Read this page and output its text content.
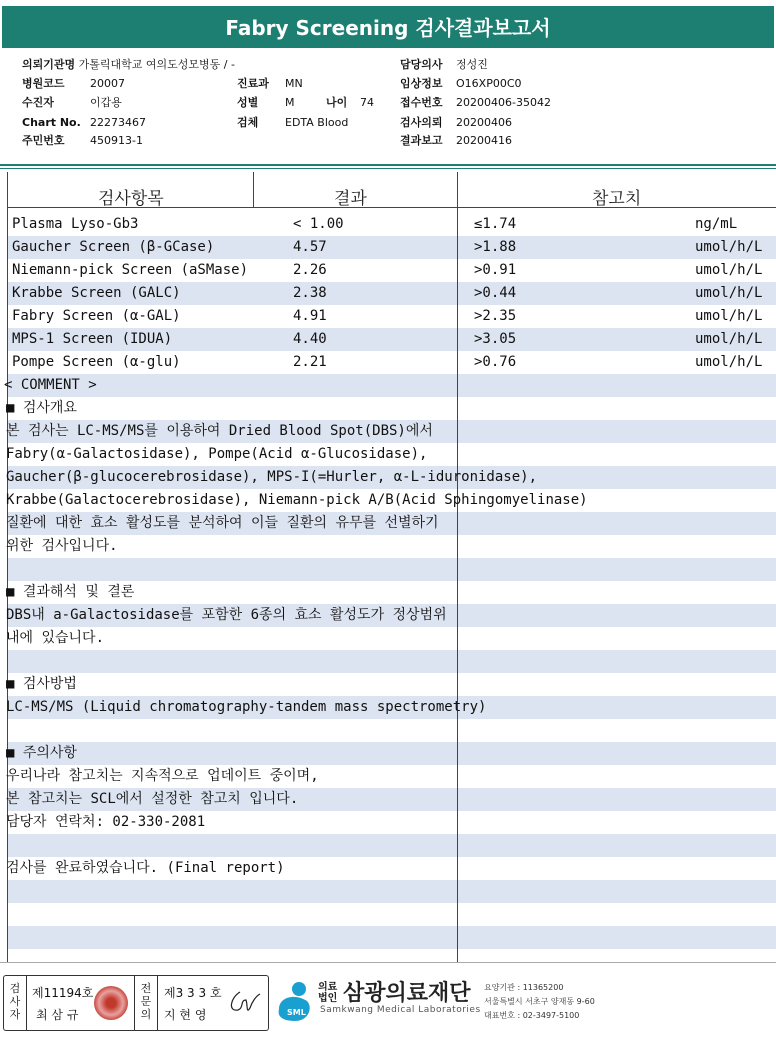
Fabry Screening 검사결과보고서
의뢰기관명 가톨릭대학교 여의도성모병동 / -
병원코드 20007
수진자	이갑용
Chart No. 22273467
주민번호 450913-1
진료과 MN
성별 M	나이 74
검체 EDTA Blood
담당의사 정성진
임상정보 O16XP00C0
접수번호 20200406-35042
검사의뢰 20200406
결과보고 20200416
검사항목	결과	참고치
Plasma Lyso-Gb3	< 1.00	≤1.74	ng/mL
Gaucher Screen (β-GCase)	4.57	>1.88	umol/h/L
Niemann-pick Screen (aSMase)	2.26	>0.91	umol/h/L
Krabbe Screen (GALC)	2.38	>0.44	umol/h/L
Fabry Screen (α-GAL)	4.91	>2.35	umol/h/L
MPS-1 Screen (IDUA)	4.40	>3.05	umol/h/L
Pompe Screen (α-glu)	2.21	>0.76	umol/h/L
< COMMENT >
■ 검사개요
본 검사는 LC-MS/MS를 이용하여 Dried Blood Spot(DBS)에서
Fabry(α-Galactosidase), Pompe(Acid α-Glucosidase),
Gaucher(β-glucocerebrosidase), MPS-I(=Hurler, α-L-iduronidase),
Krabbe(Galactocerebrosidase), Niemann-pick A/B(Acid Sphingomyelinase)
질환에 대한 효소 활성도를 분석하여 이들 질환의 유무를 선별하기
위한 검사입니다.
■ 결과해석 및 결론
DBS내 a-Galactosidase를 포함한 6종의 효소 활성도가 정상범위
내에 있습니다.
■ 검사방법
LC-MS/MS (Liquid chromatography-tandem mass spectrometry)
■ 주의사항
우리나라 참고치는 지속적으로 업데이트 중이며,
본 참고치는 SCL에서 설정한 참고치 입니다.
담당자 연락처: 02-330-2081
검사를 완료하였습니다. (Final report)
검
사
자
제11194호
최 삼 규
전
문
의
제3 3 3 호
지 현 영	SML
의료
법인 삼광의료재단
Samkwang Medical Laboratories
요양기관 : 11365200
서울특별시 서초구 양재동 9-60
대표번호 : 02-3497-5100
